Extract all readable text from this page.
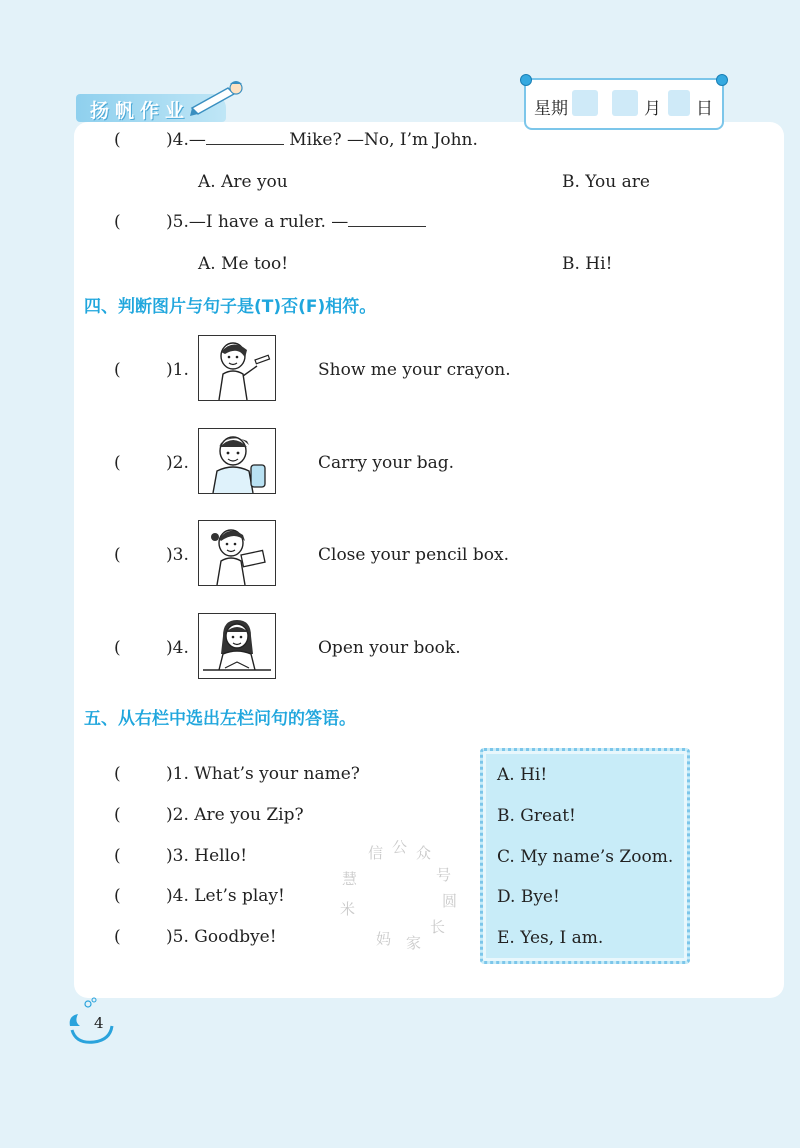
扬帆作业	星期	月 日
(	)4.—	Mike? —No, I’m John.
A. Are you	B. You are
(	)5.—I have a ruler. —
A. Me too!	B. Hi!
四、判断图片与句子是(T)否(F)相符。
(	)1.	Show me your crayon.
(	)2.	Carry your bag.
(	)3.	Close your pencil box.
(	)4.	Open your book.
五、从右栏中选出左栏问句的答语。
(	)1. What’s your name?
(	)2. Are you Zip?
(	)3. Hello!
(	)4. Let’s play!
(	)5. Goodbye!
信 公 众
号
圆
长
家
妈
米
慧
A. Hi!
B. Great!
C. My name’s Zoom.
D. Bye!
E. Yes, I am.
4
